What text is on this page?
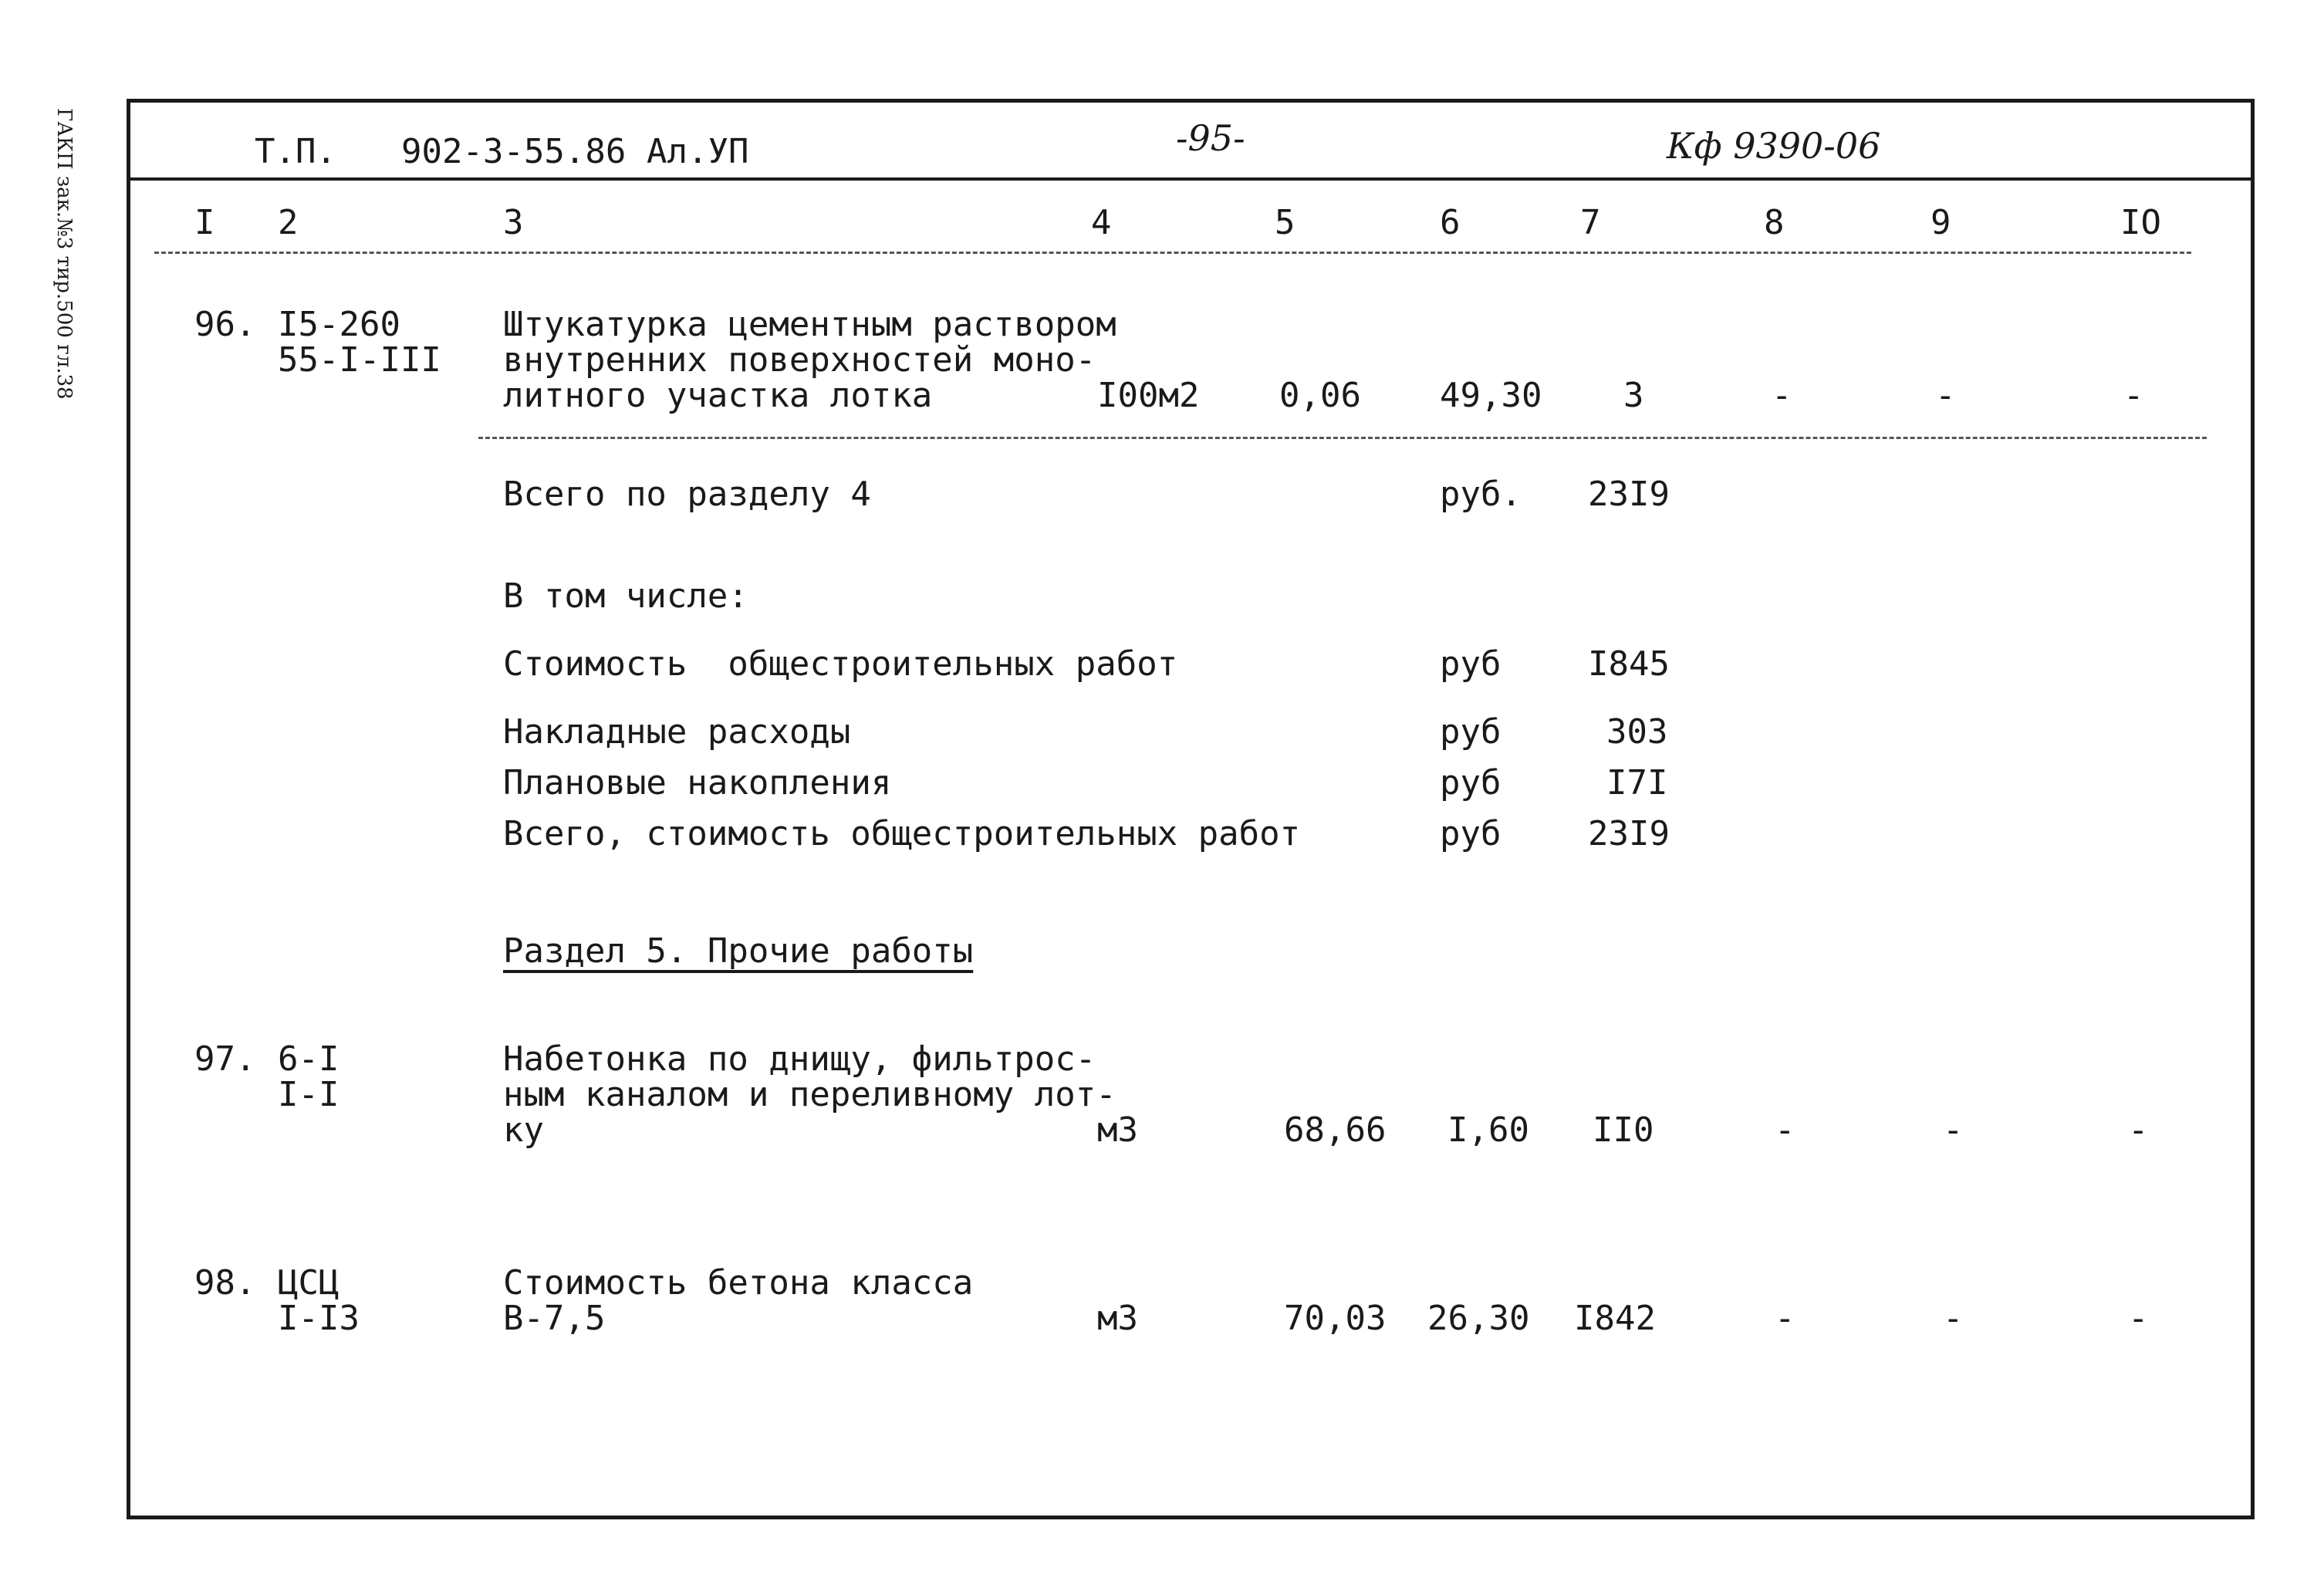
ГАКП зак.№3 тир.500 гл.38	Т.П. 902-3-55.86 Ал.УП	-95-	Кф 9390-06
I 2	3	4	5	6	7	8	9	IO
96. I5-260
55-I-III
Штукатурка цементным раствором
внутренних поверхностей моно-
литного участка лотка	I00м2 0,06 49,30 3	-	-	-
Всего по разделу 4	руб. 23I9
В том числе:
Стоимость  общестроительных работ	руб	I845
Накладные расходы	руб	303
Плановые накопления	руб	I7I
Всего, стоимость общестроительных работ	руб	23I9
Раздел 5. Прочие работы
97. 6-I
I-I
Набетонка по днищу, фильтрос-
ным каналом и переливному лот-
ку	м3	68,66 I,60 II0	-	-	-
98. ЦСЦ
I-I3
Стоимость бетона класса
В-7,5	м3	70,03 26,30 I842	-	-	-
